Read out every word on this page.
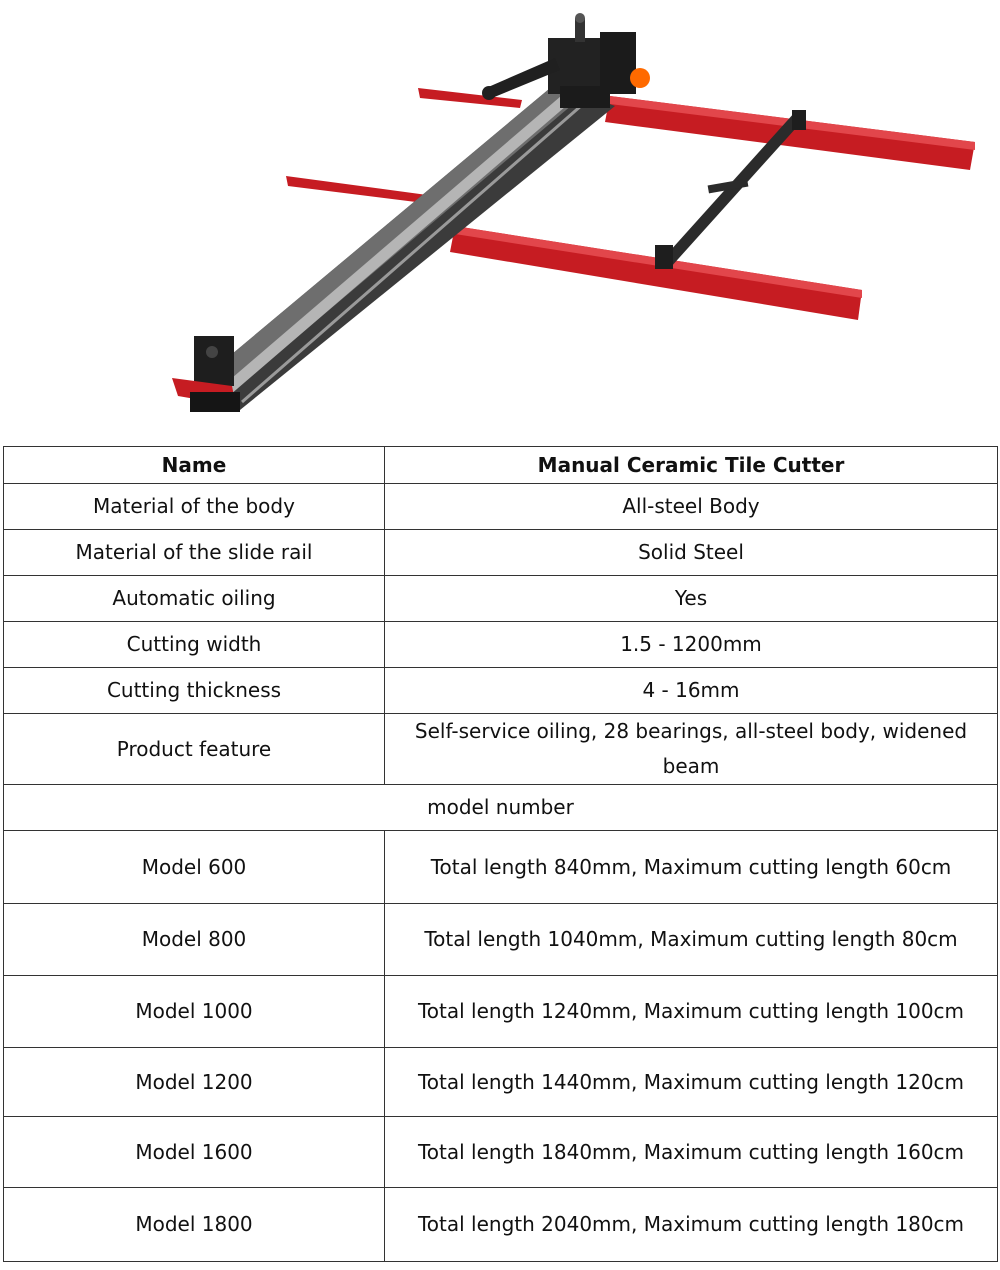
Name	Manual Ceramic Tile Cutter
Material of the body	All-steel Body
Material of the slide rail	Solid Steel
Automatic oiling	Yes
Cutting width	1.5 - 1200mm
Cutting thickness	4 - 16mm
Product feature	Self-service oiling, 28 bearings, all-steel body, widened beam
model number	
Model 600	Total length 840mm, Maximum cutting length 60cm
Model 800	Total length 1040mm, Maximum cutting length 80cm
Model 1000	Total length 1240mm, Maximum cutting length 100cm
Model 1200	Total length 1440mm, Maximum cutting length 120cm
Model 1600	Total length 1840mm, Maximum cutting length 160cm
Model 1800	Total length 2040mm, Maximum cutting length 180cm
